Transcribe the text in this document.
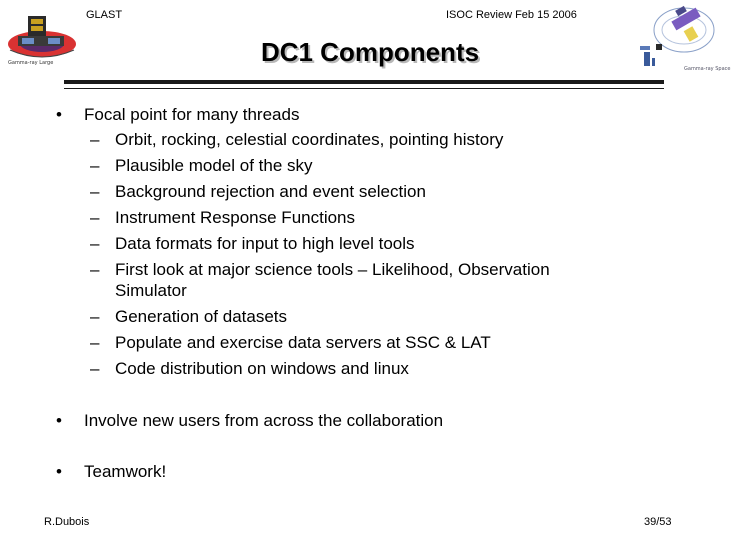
Gamma-ray Large
Gamma-ray Space
GLAST	ISOC Review Feb 15 2006
DC1 Components
• Focal point for many threads
– Orbit, rocking, celestial coordinates, pointing history
– Plausible model of the sky
– Background rejection and event selection
– Instrument Response Functions
– Data formats for input to high level tools
– First look at major science tools – Likelihood, Observation
Simulator
– Generation of datasets
– Populate and exercise data servers at SSC & LAT
– Code distribution on windows and linux
• Involve new users from across the collaboration
• Teamwork!
R.Dubois	39/53
